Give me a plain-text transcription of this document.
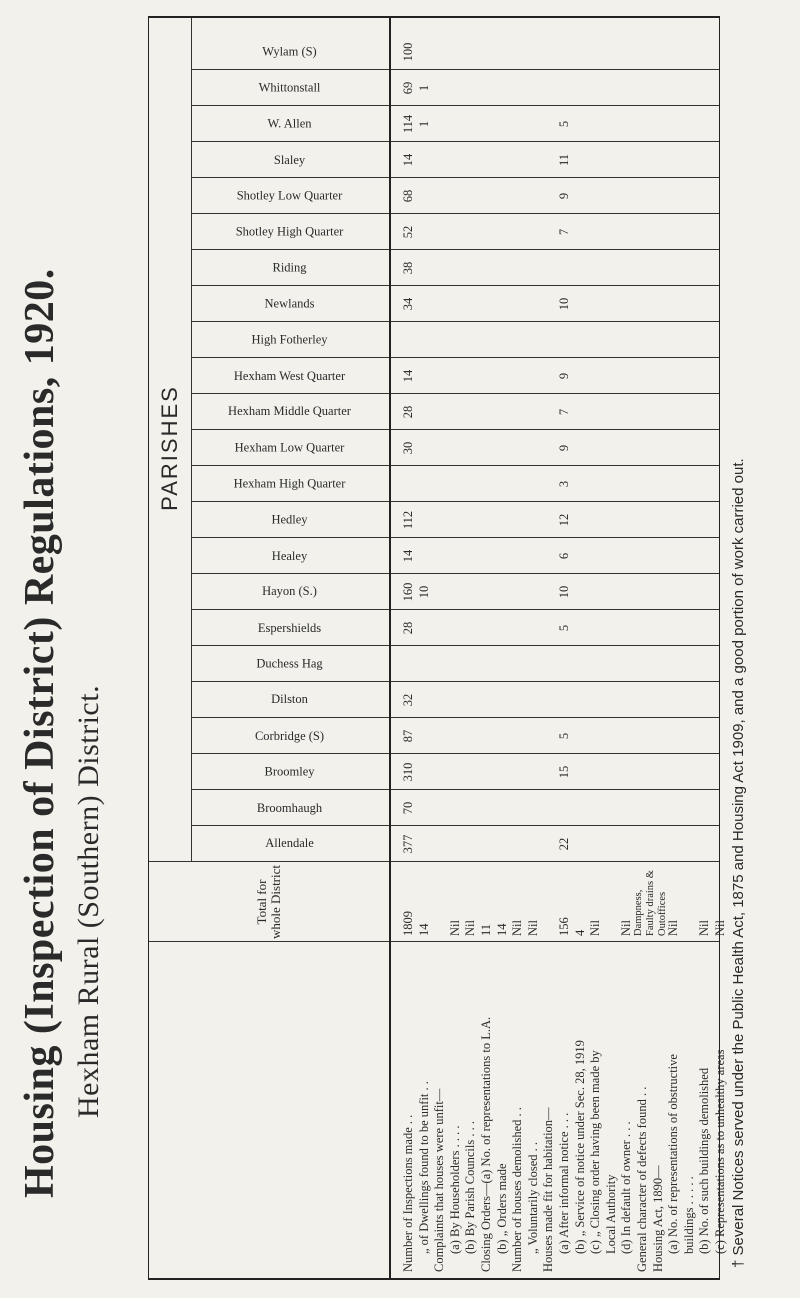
Housing (Inspection of District) Regulations, 1920. Hexham Rural (Southern) District.
PARISHES
Total for whole District
Allendale
Broomhaugh
Broomley
Corbridge (S)
Dilston
Duchess Hag
Espershields
Hayon (S.)
Healey
Hedley
Hexham High Quarter
Hexham Low Quarter
Hexham Middle Quarter
Hexham West Quarter
High Fotherley
Newlands
Riding
Shotley High Quarter
Shotley Low Quarter
Slaley
W. Allen
Whittonstall
Wylam (S)
Number of Inspections made . .
1809
377
70
310
87
32
28
160
14
112
30
28
14
34
38
52
68
14
114
69
100
„ of Dwellings found to be unfit . .
14
10
1
1
Complaints that houses were unfit— (a) By Householders . . . .
Nil
(b) By Parish Councils . . .
Nil
Closing Orders—(a) No. of representations to L.A.
11
(b) „ Orders made
14
Number of houses demolished . .
Nil
„ Voluntarily closed . .
Nil
Houses made fit for habitation— (a) After informal notice . . .
156
22
15
5
5
10
6
12
3
9
7
9
10
7
9
11
5
(b) „ Service of notice under Sec. 28, 1919
4
(c) „ Closing order having been made by
Nil
Local Authority (d) In default of owner . . .
Nil
General character of defects found . .
Dampness, Faulty drains & Outoffices
Housing Act, 1890— (a) No. of representations of obstructive
Nil
buildings . . . . . (b) No. of such buildings demolished
Nil
(c) Representations as to unhealthy areas
Nil † Several Notices served under the Public Health Act, 1875 and Housing Act 1909, and a good portion of work carried out.
